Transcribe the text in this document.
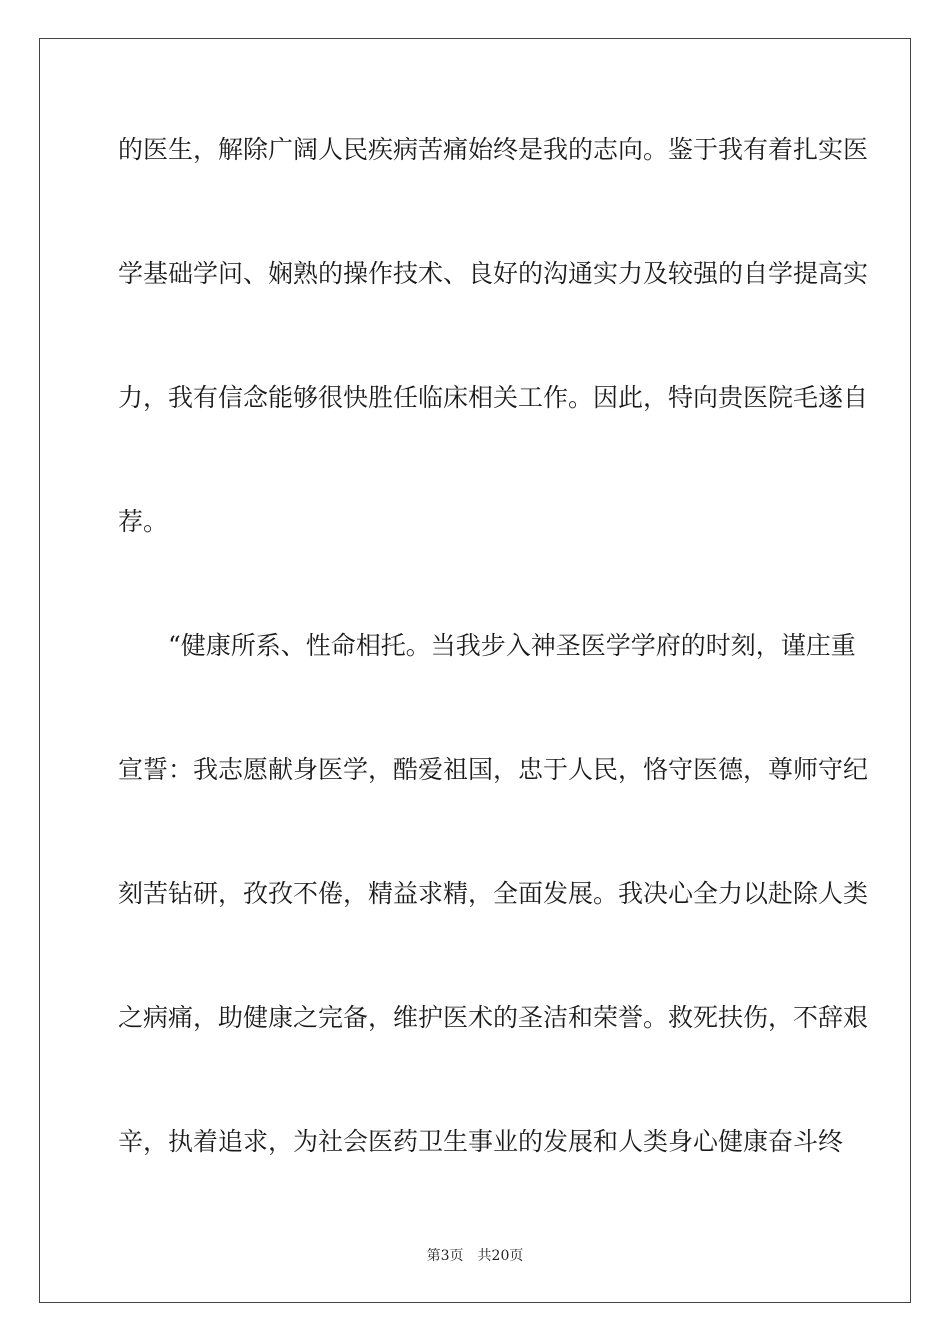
的医生，解除广阔人民疾病苦痛始终是我的志向。鉴于我有着扎实医
学基础学问、娴熟的操作技术、良好的沟通实力及较强的自学提高实
力，我有信念能够很快胜任临床相关工作。因此，特向贵医院毛遂自
荐。
“健康所系、性命相托。当我步入神圣医学学府的时刻，谨庄重
宣誓：我志愿献身医学，酷爱祖国，忠于人民，恪守医德，尊师守纪
刻苦钻研，孜孜不倦，精益求精，全面发展。我决心全力以赴除人类
之病痛，助健康之完备，维护医术的圣洁和荣誉。救死扶伤，不辞艰
辛，执着追求，为社会医药卫生事业的发展和人类身心健康奋斗终
第3页 共20页
